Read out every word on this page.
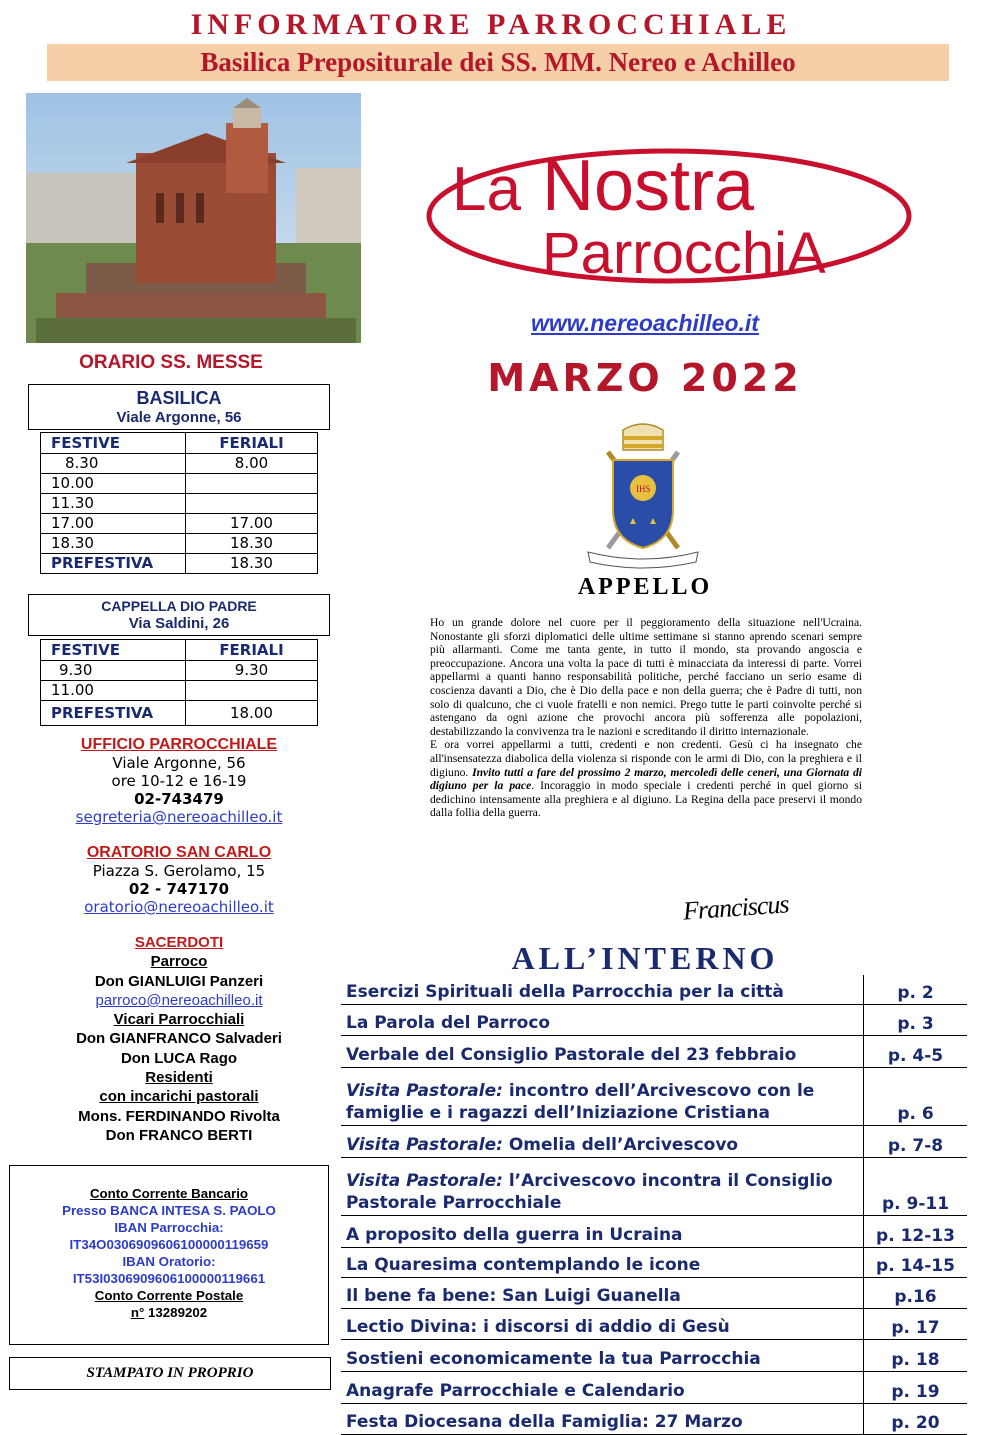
INFORMATORE PARROCCHIALE
Basilica Prepositurale dei SS. MM. Nereo e Achilleo
La Nostra
ParrocchiA
www.nereoachilleo.it
MARZO 2022
IHS
APPELLO

Ho un grande dolore nel cuore per il peggioramento della situazione nell'Ucraina. Nonostante gli sforzi diplomatici delle ultime settimane si stanno aprendo scenari sempre più allarmanti. Come me tanta gente, in tutto il mondo, sta provando angoscia e preoccupazione. Ancora una volta la pace di tutti è minacciata da interessi di parte. Vorrei appellarmi a quanti hanno responsabilità politiche, perché facciano un serio esame di coscienza davanti a Dio, che è Dio della pace e non della guerra; che è Padre di tutti, non solo di qualcuno, che ci vuole fratelli e non nemici. Prego tutte le parti coinvolte perché si astengano da ogni azione che provochi ancora più sofferenza alle popolazioni, destabilizzando la convivenza tra le nazioni e screditando il diritto internazionale.

E ora vorrei appellarmi a tutti, credenti e non credenti. Gesù ci ha insegnato che all'insensatezza diabolica della violenza si risponde con le armi di Dio, con la preghiera e il digiuno. Invito tutti a fare del prossimo 2 marzo, mercoledì delle ceneri, una Giornata di digiuno per la pace. Incoraggio in modo speciale i credenti perché in quel giorno si dedichino intensamente alla preghiera e al digiuno. La Regina della pace preservi il mondo dalla follia della guerra.

Franciscus
ORARIO SS. MESSE
BASILICA
Viale Argonne, 56
FESTIVE	FERIALI
8.30	8.00
10.00	
11.30	
17.00	17.00
18.30	18.30
PREFESTIVA	18.30
CAPPELLA DIO PADRE
Via Saldini, 26
FESTIVE	FERIALI
9.30	9.30
11.00	
PREFESTIVA	18.00
UFFICIO PARROCCHIALE
Viale Argonne, 56
ore 10-12 e 16-19
02-743479
segreteria@nereoachilleo.it
ORATORIO SAN CARLO
Piazza S. Gerolamo, 15
02 - 747170
oratorio@nereoachilleo.it
SACERDOTI
Parroco
Don GIANLUIGI Panzeri
parroco@nereoachilleo.it
Vicari Parrocchiali
Don GIANFRANCO Salvaderi
Don LUCA Rago
Residenti
con incarichi pastorali
Mons. FERDINANDO Rivolta
Don FRANCO BERTI
Conto Corrente Bancario
Presso BANCA INTESA S. PAOLO
IBAN Parrocchia:
IT34O0306909606100000119659
IBAN Oratorio:
IT53I0306909606100000119661
Conto Corrente Postale
n° 13289202
STAMPATO IN PROPRIO
ALL’INTERNO
Esercizi Spirituali della Parrocchia per la città	p. 2
La Parola del Parroco	p. 3
Verbale del Consiglio Pastorale del 23 febbraio	p. 4-5
Visita Pastorale: incontro dell’Arcivescovo con le famiglie e i ragazzi dell’Iniziazione Cristiana	p. 6
Visita Pastorale: Omelia dell’Arcivescovo	p. 7-8
Visita Pastorale: l’Arcivescovo incontra il Consiglio Pastorale Parrocchiale	p. 9-11
A proposito della guerra in Ucraina	p. 12-13
La Quaresima contemplando le icone	p. 14-15
Il bene fa bene: San Luigi Guanella	p.16
Lectio Divina: i discorsi di addio di Gesù	p. 17
Sostieni economicamente la tua Parrocchia	p. 18
Anagrafe Parrocchiale e Calendario	p. 19
Festa Diocesana della Famiglia: 27 Marzo	p. 20
